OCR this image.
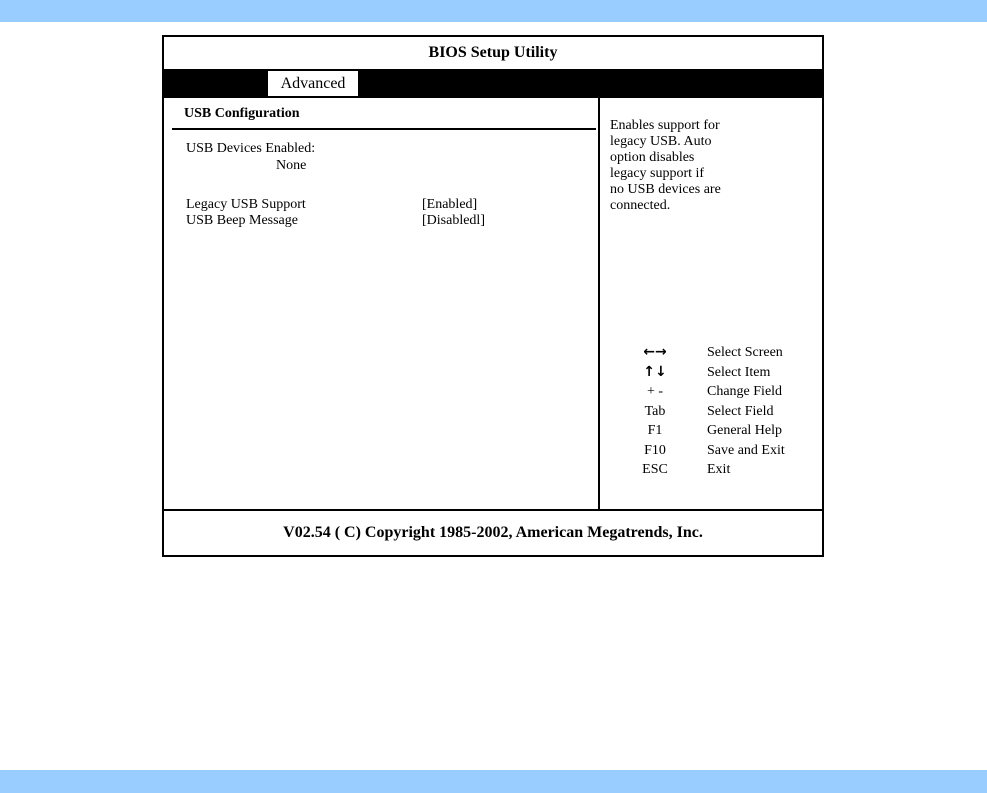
BIOS Setup Utility
Advanced
USB Configuration
USB Devices Enabled:
None
Legacy USB Support	[Enabled]
USB Beep Message	[Disabledl]
Enables support for
legacy USB. Auto
option disables
legacy support if
no USB devices are
connected.
←→	Select Screen
↑↓	Select Item
+ -	Change Field
Tab	Select Field
F1	General Help
F10	Save and Exit
ESC	Exit
V02.54 ( C) Copyright 1985-2002, American Megatrends, Inc.
